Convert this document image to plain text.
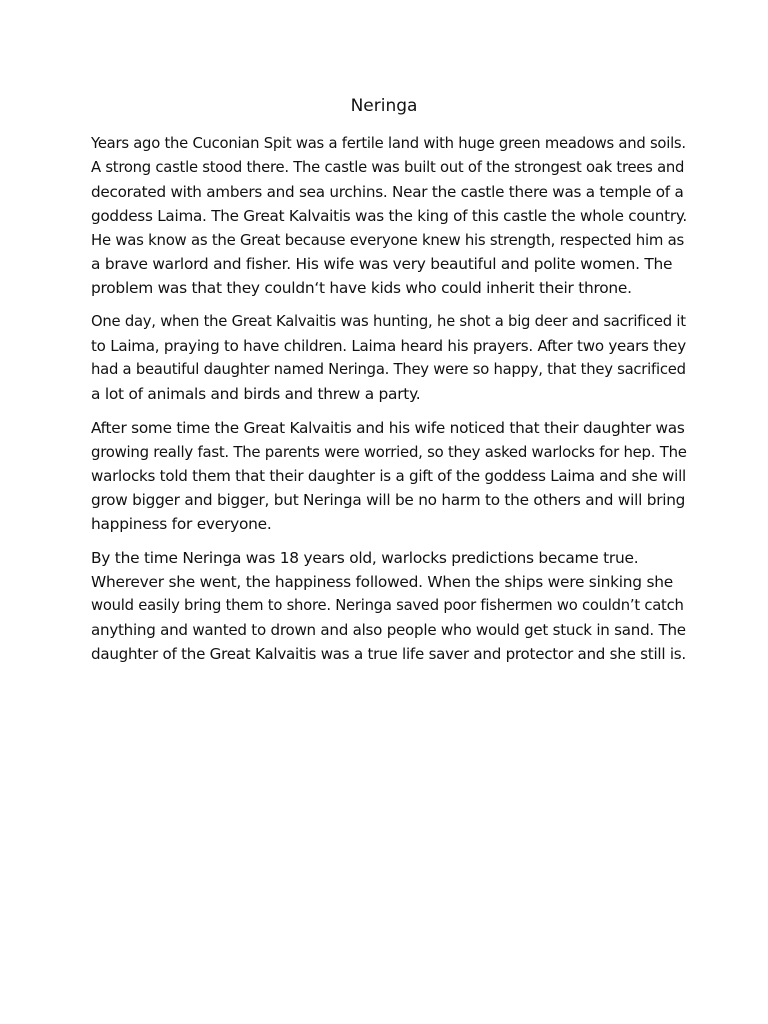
Neringa

Years ago the Cuconian Spit was a fertile land with huge green meadows and soils.
A strong castle stood there. The castle was built out of the strongest oak trees and
decorated with ambers and sea urchins. Near the castle there was a temple of a
goddess Laima. The Great Kalvaitis was the king of this castle the whole country.
He was know as the Great because everyone knew his strength, respected him as
a brave warlord and fisher. His wife was very beautiful and polite women. The
problem was that they couldn‘t have kids who could inherit their throne.

One day, when the Great Kalvaitis was hunting, he shot a big deer and sacrificed it
to Laima, praying to have children. Laima heard his prayers. After two years they
had a beautiful daughter named Neringa. They were so happy, that they sacrificed
a lot of animals and birds and threw a party.

After some time the Great Kalvaitis and his wife noticed that their daughter was
growing really fast. The parents were worried, so they asked warlocks for hep. The
warlocks told them that their daughter is a gift of the goddess Laima and she will
grow bigger and bigger, but Neringa will be no harm to the others and will bring
happiness for everyone.

By the time Neringa was 18 years old, warlocks predictions became true.
Wherever she went, the happiness followed. When the ships were sinking she
would easily bring them to shore. Neringa saved poor fishermen wo couldn’t catch
anything and wanted to drown and also people who would get stuck in sand. The
daughter of the Great Kalvaitis was a true life saver and protector and she still is.
